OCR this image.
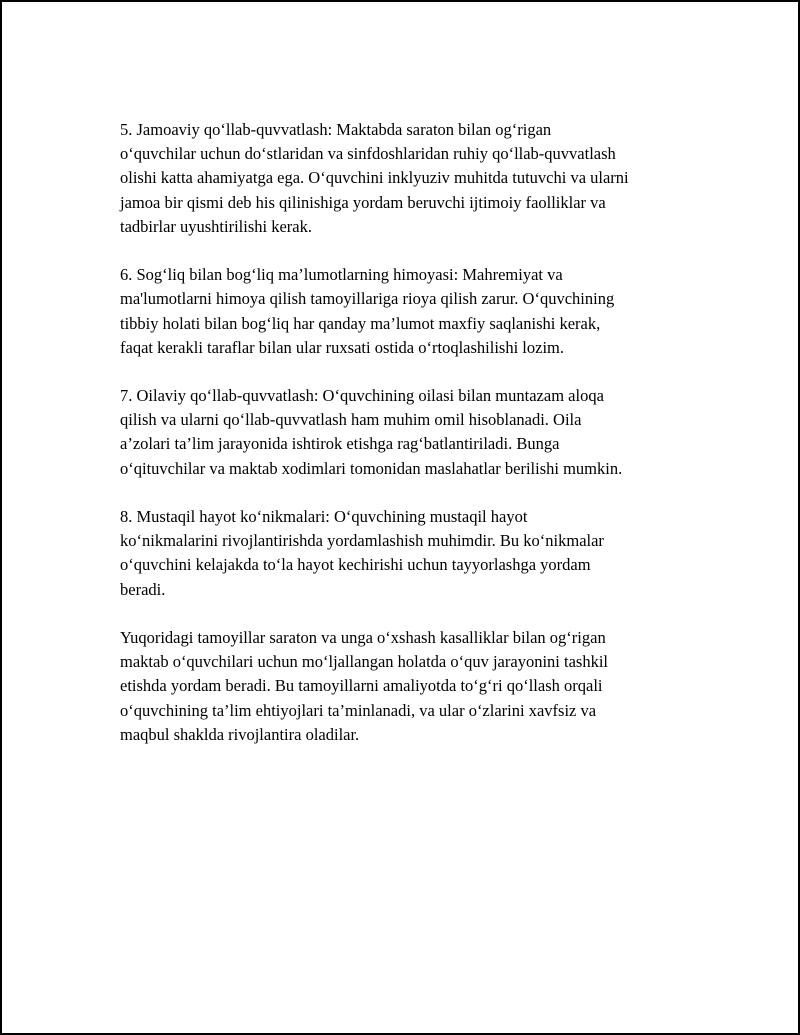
5. Jamoaviy qo‘llab-quvvatlash: Maktabda saraton bilan og‘rigan
o‘quvchilar uchun do‘stlaridan va sinfdoshlaridan ruhiy qo‘llab-quvvatlash
olishi katta ahamiyatga ega. O‘quvchini inklyuziv muhitda tutuvchi va ularni
jamoa bir qismi deb his qilinishiga yordam beruvchi ijtimoiy faolliklar va
tadbirlar uyushtirilishi kerak.
6. Sog‘liq bilan bog‘liq ma’lumotlarning himoyasi: Mahremiyat va
ma'lumotlarni himoya qilish tamoyillariga rioya qilish zarur. O‘quvchining
tibbiy holati bilan bog‘liq har qanday ma’lumot maxfiy saqlanishi kerak,
faqat kerakli taraflar bilan ular ruxsati ostida o‘rtoqlashilishi lozim.
7. Oilaviy qo‘llab-quvvatlash: O‘quvchining oilasi bilan muntazam aloqa
qilish va ularni qo‘llab-quvvatlash ham muhim omil hisoblanadi. Oila
a’zolari ta’lim jarayonida ishtirok etishga rag‘batlantiriladi. Bunga
o‘qituvchilar va maktab xodimlari tomonidan maslahatlar berilishi mumkin.
8. Mustaqil hayot ko‘nikmalari: O‘quvchining mustaqil hayot
ko‘nikmalarini rivojlantirishda yordamlashish muhimdir. Bu ko‘nikmalar
o‘quvchini kelajakda to‘la hayot kechirishi uchun tayyorlashga yordam
beradi.
Yuqoridagi tamoyillar saraton va unga o‘xshash kasalliklar bilan og‘rigan
maktab o‘quvchilari uchun mo‘ljallangan holatda o‘quv jarayonini tashkil
etishda yordam beradi. Bu tamoyillarni amaliyotda to‘g‘ri qo‘llash orqali
o‘quvchining ta’lim ehtiyojlari ta’minlanadi, va ular o‘zlarini xavfsiz va
maqbul shaklda rivojlantira oladilar.
